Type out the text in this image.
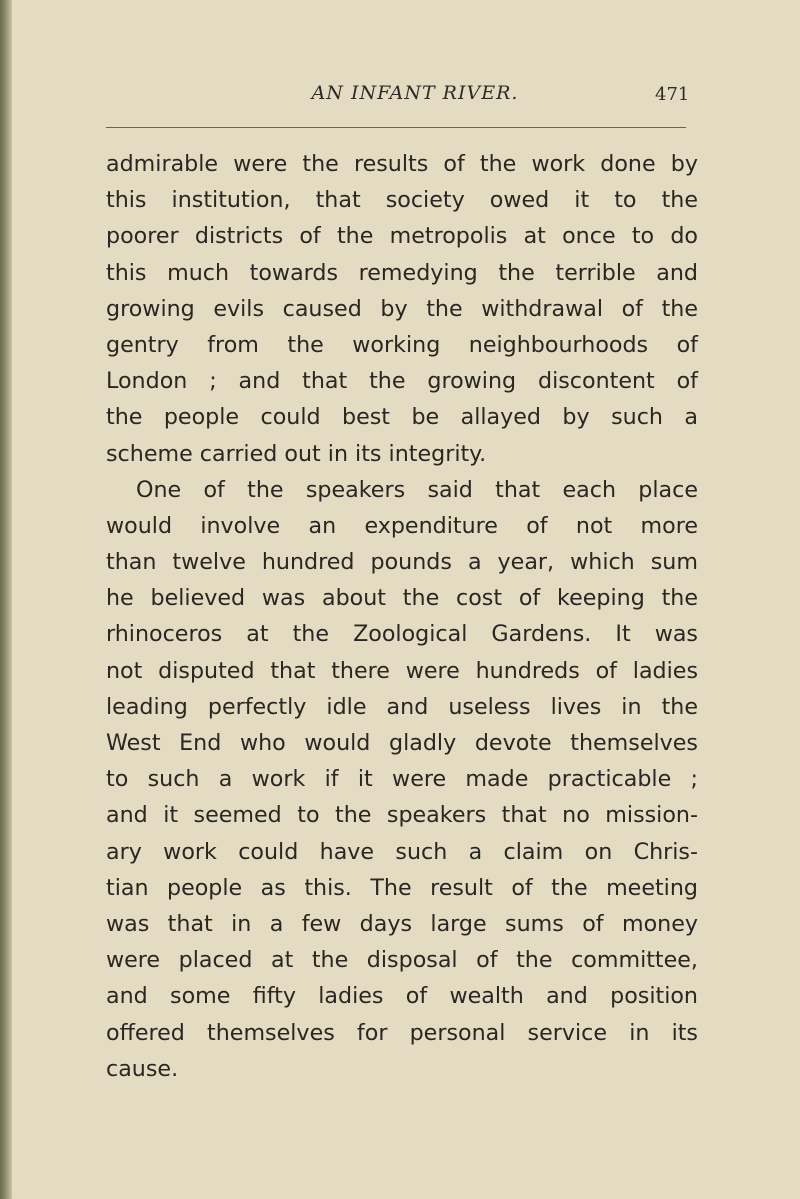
AN INFANT RIVER.	471
admirable were the results of the work done by
this institution, that society owed it to the
poorer districts of the metropolis at once to do
this much towards remedying the terrible and
growing evils caused by the withdrawal of the
gentry from the working neighbourhoods of
London ; and that the growing discontent of
the people could best be allayed by such a
scheme carried out in its integrity.
One of the speakers said that each place
would involve an expenditure of not more
than twelve hundred pounds a year, which sum
he believed was about the cost of keeping the
rhinoceros at the Zoological Gardens. It was
not disputed that there were hundreds of ladies
leading perfectly idle and useless lives in the
West End who would gladly devote themselves
to such a work if it were made practicable ;
and it seemed to the speakers that no mission-
ary work could have such a claim on Chris-
tian people as this. The result of the meeting
was that in a few days large sums of money
were placed at the disposal of the committee,
and some fifty ladies of wealth and position
offered themselves for personal service in its
cause.
